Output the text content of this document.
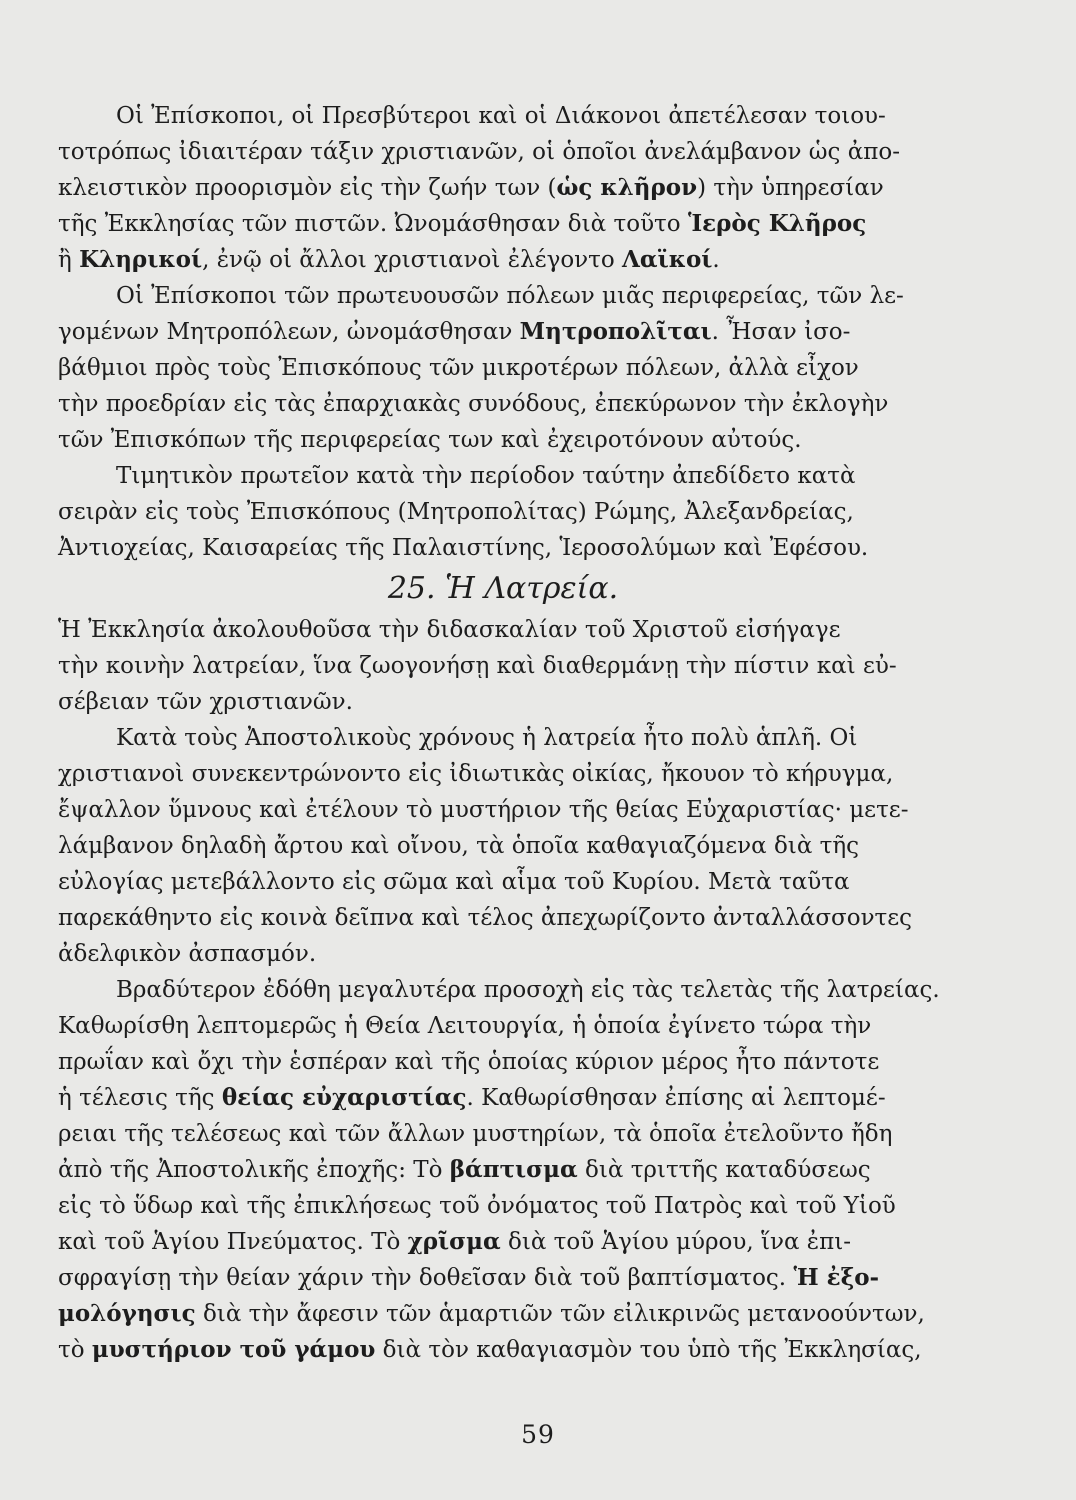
Οἱ Ἐπίσκοποι, οἱ Πρεσβύτεροι καὶ οἱ Διάκονοι ἀπετέλεσαν τοιου-
τοτρόπως ἰδιαιτέραν τάξιν χριστιανῶν, οἱ ὁποῖοι ἀνελάμβανον ὡς ἀπο-
κλειστικὸν προορισμὸν εἰς τὴν ζωήν των (ὡς κλῆρον) τὴν ὑπηρεσίαν
τῆς Ἐκκλησίας τῶν πιστῶν. Ὠνομάσθησαν διὰ τοῦτο Ἱερὸς Κλῆρος
ἢ Κληρικοί, ἐνῷ οἱ ἄλλοι χριστιανοὶ ἐλέγοντο Λαϊκοί.
Οἱ Ἐπίσκοποι τῶν πρωτευουσῶν πόλεων μιᾶς περιφερείας, τῶν λε-
γομένων Μητροπόλεων, ὠνομάσθησαν Μητροπολῖται. Ἦσαν ἰσο-
βάθμιοι πρὸς τοὺς Ἐπισκόπους τῶν μικροτέρων πόλεων, ἀλλὰ εἶχον
τὴν προεδρίαν εἰς τὰς ἐπαρχιακὰς συνόδους, ἐπεκύρωνον τὴν ἐκλογὴν
τῶν Ἐπισκόπων τῆς περιφερείας των καὶ ἐχειροτόνουν αὐτούς.
Τιμητικὸν πρωτεῖον κατὰ τὴν περίοδον ταύτην ἀπεδίδετο κατὰ
σειρὰν εἰς τοὺς Ἐπισκόπους (Μητροπολίτας) Ρώμης, Ἀλεξανδρείας,
Ἀντιοχείας, Καισαρείας τῆς Παλαιστίνης, Ἱεροσολύμων καὶ Ἐφέσου.
25. Ἡ Λατρεία.
Ἡ Ἐκκλησία ἀκολουθοῦσα τὴν διδασκαλίαν τοῦ Χριστοῦ εἰσήγαγε
τὴν κοινὴν λατρείαν, ἵνα ζωογονήσῃ καὶ διαθερμάνῃ τὴν πίστιν καὶ εὐ-
σέβειαν τῶν χριστιανῶν.
Κατὰ τοὺς Ἀποστολικοὺς χρόνους ἡ λατρεία ἦτο πολὺ ἁπλῆ. Οἱ
χριστιανοὶ συνεκεντρώνοντο εἰς ἰδιωτικὰς οἰκίας, ἤκουον τὸ κήρυγμα,
ἔψαλλον ὕμνους καὶ ἐτέλουν τὸ μυστήριον τῆς θείας Εὐχαριστίας· μετε-
λάμβανον δηλαδὴ ἄρτου καὶ οἴνου, τὰ ὁποῖα καθαγιαζόμενα διὰ τῆς
εὐλογίας μετεβάλλοντο εἰς σῶμα καὶ αἷμα τοῦ Κυρίου. Μετὰ ταῦτα
παρεκάθηντο εἰς κοινὰ δεῖπνα καὶ τέλος ἀπεχωρίζοντο ἀνταλλάσσοντες
ἀδελφικὸν ἀσπασμόν.
Βραδύτερον ἐδόθη μεγαλυτέρα προσοχὴ εἰς τὰς τελετὰς τῆς λατρείας.
Καθωρίσθη λεπτομερῶς ἡ Θεία Λειτουργία, ἡ ὁποία ἐγίνετο τώρα τὴν
πρωΐαν καὶ ὄχι τὴν ἑσπέραν καὶ τῆς ὁποίας κύριον μέρος ἦτο πάντοτε
ἡ τέλεσις τῆς θείας εὐχαριστίας. Καθωρίσθησαν ἐπίσης αἱ λεπτομέ-
ρειαι τῆς τελέσεως καὶ τῶν ἄλλων μυστηρίων, τὰ ὁποῖα ἐτελοῦντο ἤδη
ἀπὸ τῆς Ἀποστολικῆς ἐποχῆς: Τὸ βάπτισμα διὰ τριττῆς καταδύσεως
εἰς τὸ ὕδωρ καὶ τῆς ἐπικλήσεως τοῦ ὀνόματος τοῦ Πατρὸς καὶ τοῦ Υἱοῦ
καὶ τοῦ Ἁγίου Πνεύματος. Τὸ χρῖσμα διὰ τοῦ Ἁγίου μύρου, ἵνα ἐπι-
σφραγίσῃ τὴν θείαν χάριν τὴν δοθεῖσαν διὰ τοῦ βαπτίσματος. Ἡ ἐξο-
μολόγησις διὰ τὴν ἄφεσιν τῶν ἁμαρτιῶν τῶν εἰλικρινῶς μετανοούντων,
τὸ μυστήριον τοῦ γάμου διὰ τὸν καθαγιασμὸν του ὑπὸ τῆς Ἐκκλησίας,
59
